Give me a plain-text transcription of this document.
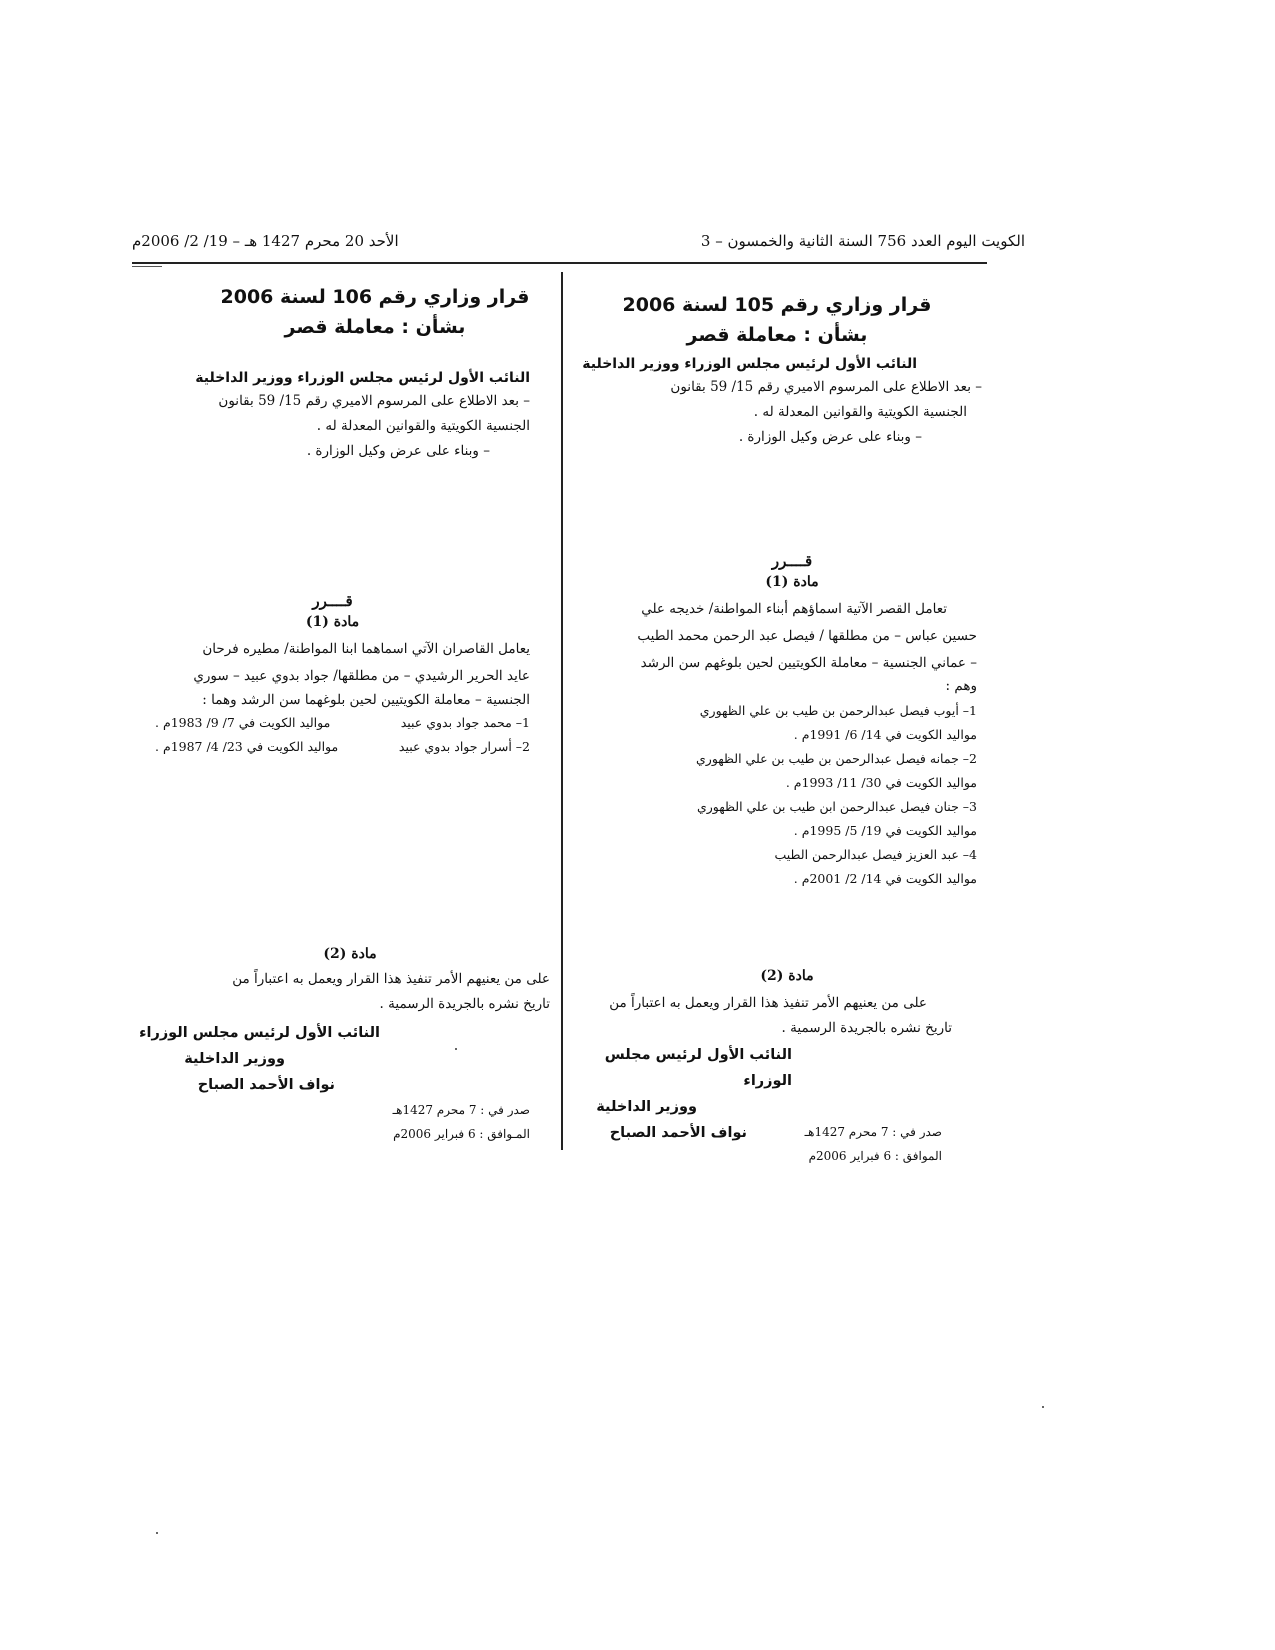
الكويت اليوم العدد 756 السنة الثانية والخمسون – 3
الأحد 20 محرم 1427 هـ – 19/ 2/ 2006م
قرار وزاري رقم 105 لسنة 2006
بشأن : معاملة قصر
النائب الأول لرئيس مجلس الوزراء ووزير الداخلية
– بعد الاطلاع على المرسوم الاميري رقم 15/ 59 بقانون
الجنسية الكويتية والقوانين المعدلة له .
– وبناء على عرض وكيل الوزارة .
قــــرر
مادة (1)
تعامل القصر الآتية اسماؤهم أبناء المواطنة/ خديجه علي
حسين عباس – من مطلقها / فيصل عبد الرحمن محمد الطيب
– عماني الجنسية – معاملة الكويتيين لحين بلوغهم سن الرشد
وهم :
1– أيوب فيصل عبدالرحمن بن طيب بن علي الظهوري
مواليد الكويت في 14/ 6/ 1991م .
2– جمانه فيصل عبدالرحمن بن طيب بن علي الظهوري
مواليد الكويت في 30/ 11/ 1993م .
3– جنان فيصل عبدالرحمن ابن طيب بن علي الظهوري
مواليد الكويت في 19/ 5/ 1995م .
4– عبد العزيز فيصل عبدالرحمن الطيب
مواليد الكويت في 14/ 2/ 2001م .
مادة (2)
على من يعنيهم الأمر تنفيذ هذا القرار ويعمل به اعتباراً من
تاريخ نشره بالجريدة الرسمية .
النائب الأول لرئيس مجلس الوزراء
ووزير الداخلية
نواف الأحمد الصباح	صدر في : 7 محرم 1427هـ
الموافق : 6 فبراير 2006م
قرار وزاري رقم 106 لسنة 2006
بشأن : معاملة قصر
النائب الأول لرئيس مجلس الوزراء ووزير الداخلية
– بعد الاطلاع على المرسوم الاميري رقم 15/ 59 بقانون
الجنسية الكويتية والقوانين المعدلة له .
– وبناء على عرض وكيل الوزارة .
قــــرر
مادة (1)
يعامل القاصران الآتي اسماهما ابنا المواطنة/ مطيره فرحان
عايد الحرير الرشيدي – من مطلقها/ جواد بدوي عبيد – سوري
الجنسية – معاملة الكويتيين لحين بلوغهما سن الرشد وهما :
1– محمد جواد بدوي عبيد
مواليد الكويت في 7/ 9/ 1983م .
2– أسرار جواد بدوي عبيد
مواليد الكويت في 23/ 4/ 1987م .
مادة (2)
على من يعنيهم الأمر تنفيذ هذا القرار ويعمل به اعتباراً من
تاريخ نشره بالجريدة الرسمية .
النائب الأول لرئيس مجلس الوزراء
ووزير الداخلية
نواف الأحمد الصباح
صدر في : 7 محرم 1427هـ
المـوافق : 6 فبراير 2006م
